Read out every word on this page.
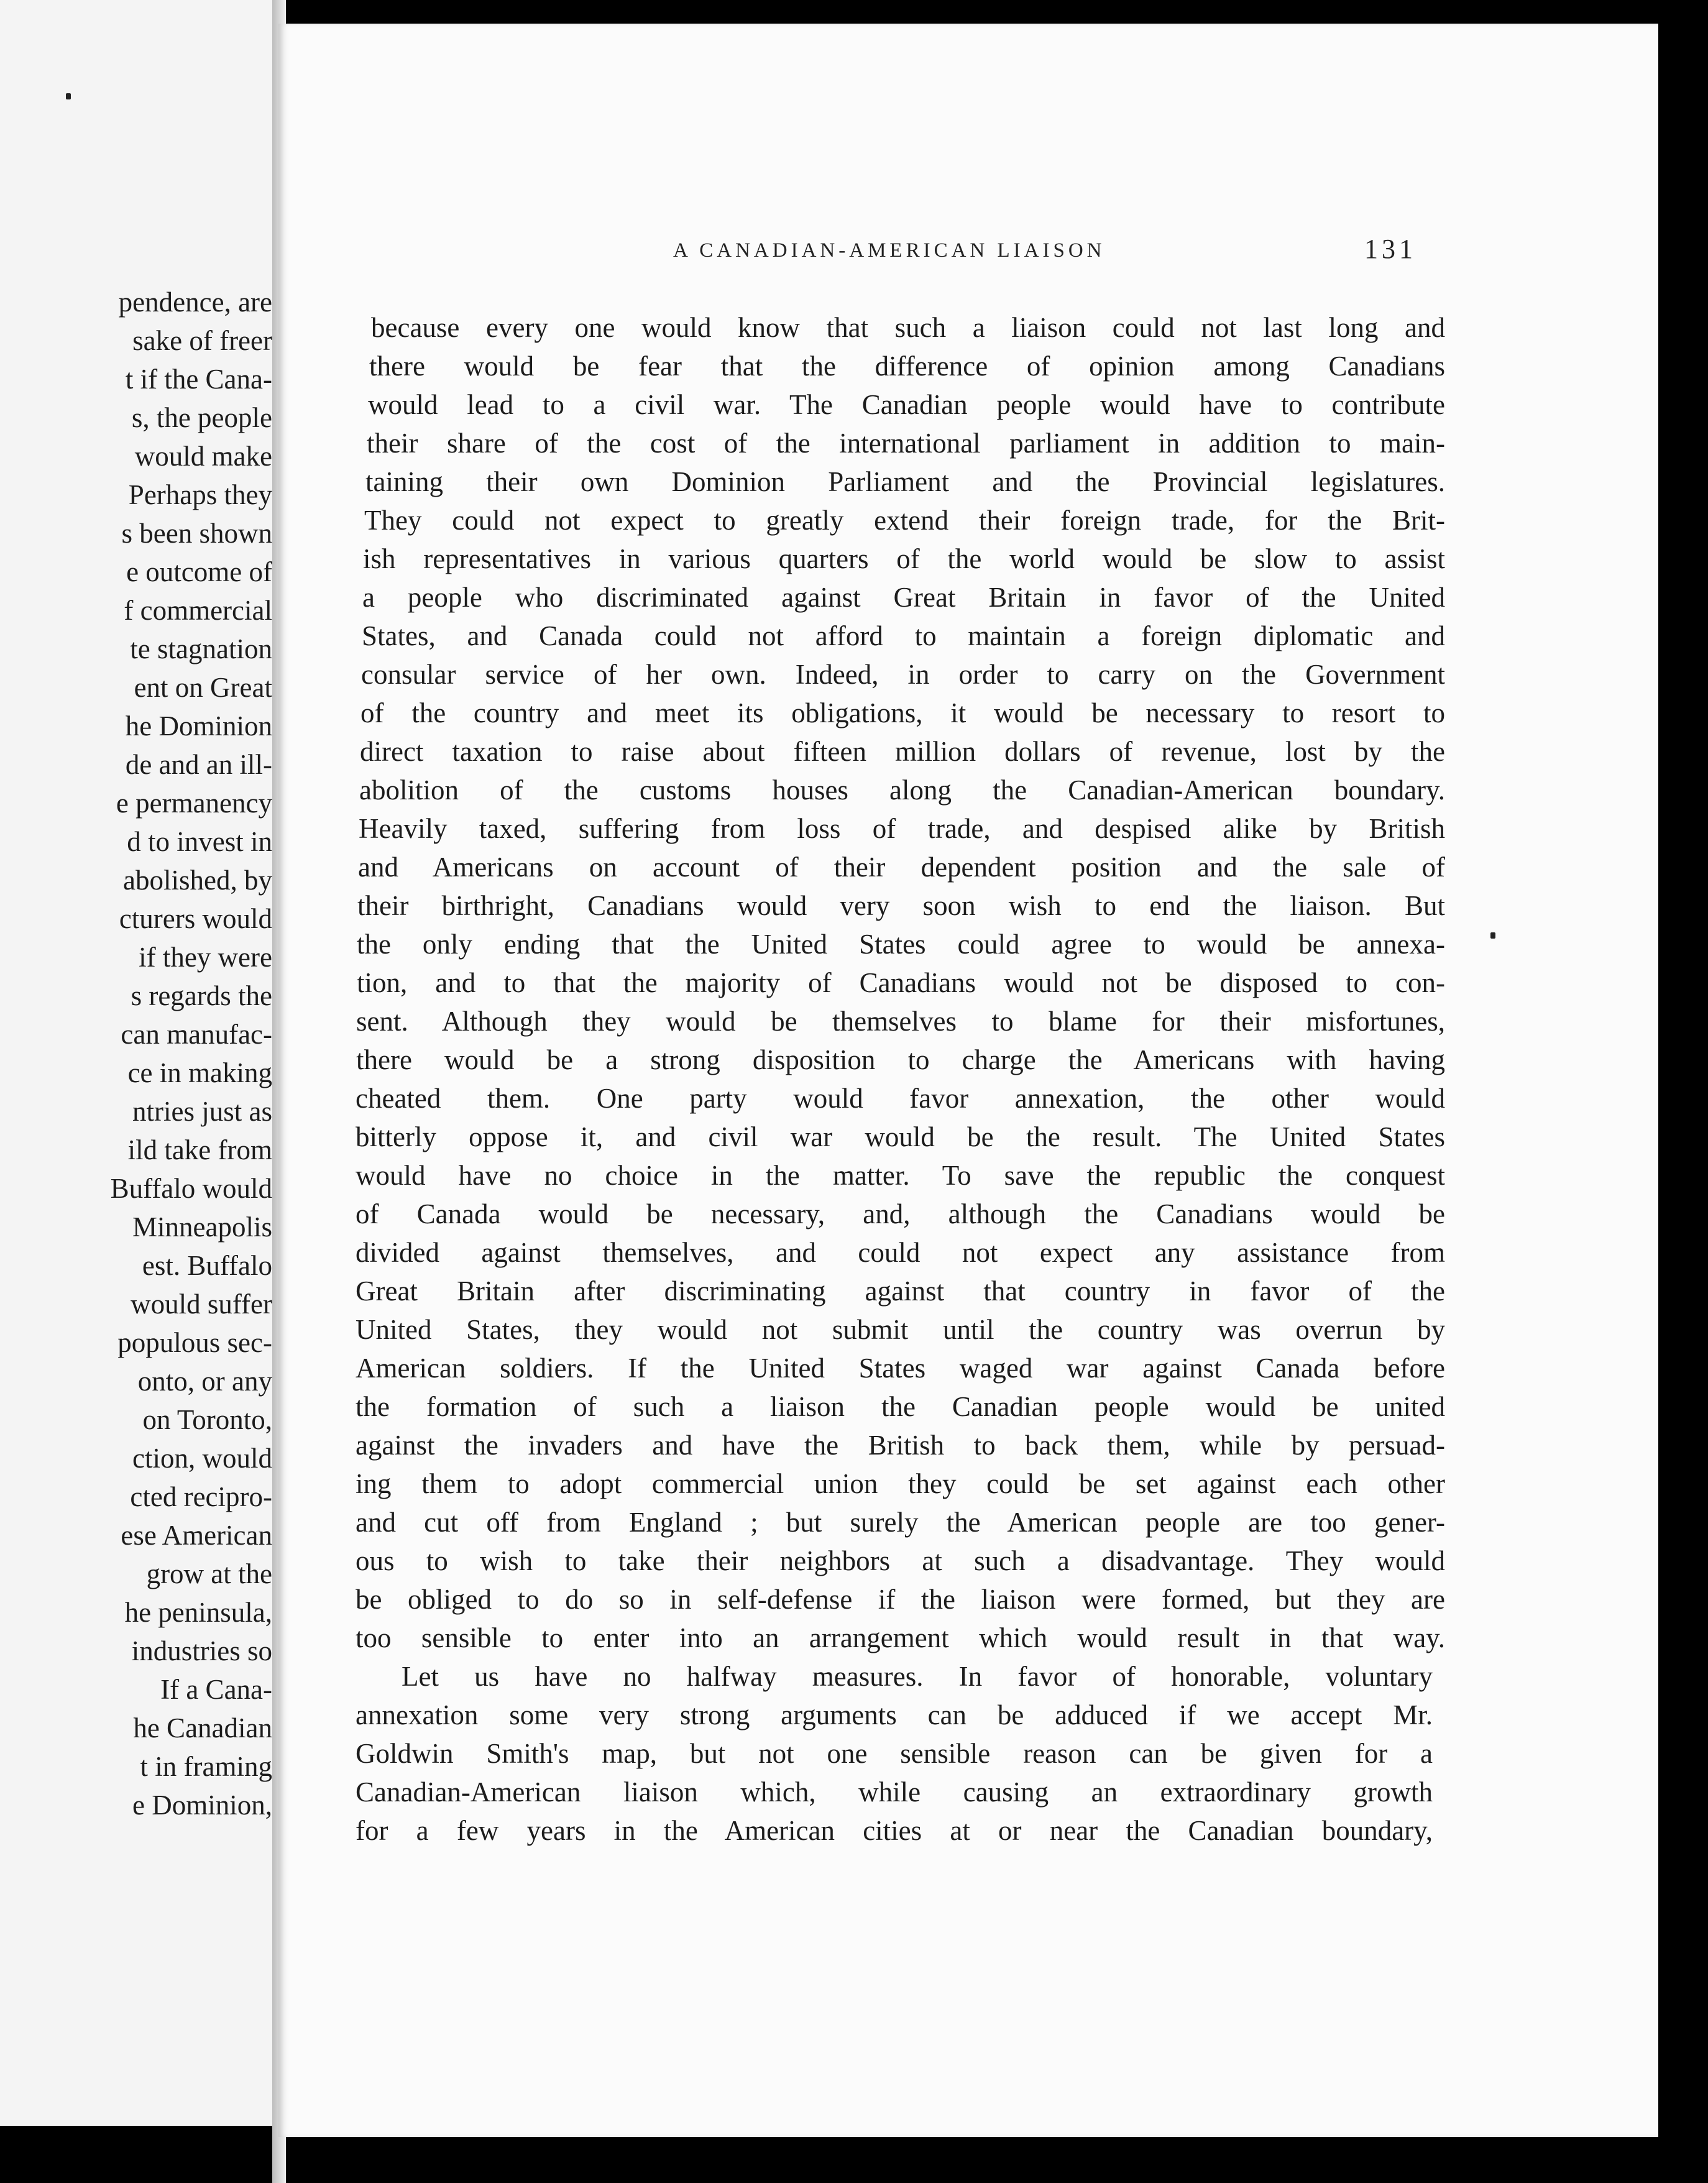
pendence, are

sake of freer

t if the Cana-

s, the people

would make

Perhaps they

s been shown

e outcome of

f commercial

te stagnation

ent on Great

he Dominion

de and an ill-

e permanency

d to invest in

abolished, by

cturers would

if they were

s regards the

can manufac-

ce in making

ntries just as

ild take from

Buffalo would

Minneapolis

est. Buffalo

would suffer

populous sec-

onto, or any

on Toronto,

ction, would

cted recipro-

ese American

grow at the

he peninsula,

industries so

If a Cana-

he Canadian

t in framing

e Dominion,

A CANADIAN-AMERICAN LIAISON	131

because every one would know that such a liaison could not last long and

there would be fear that the difference of opinion among Canadians

would lead to a civil war. The Canadian people would have to contribute

their share of the cost of the international parliament in addition to main-

taining their own Dominion Parliament and the Provincial legislatures.

They could not expect to greatly extend their foreign trade, for the Brit-

ish representatives in various quarters of the world would be slow to assist

a people who discriminated against Great Britain in favor of the United

States, and Canada could not afford to maintain a foreign diplomatic and

consular service of her own. Indeed, in order to carry on the Government

of the country and meet its obligations, it would be necessary to resort to

direct taxation to raise about fifteen million dollars of revenue, lost by the

abolition of the customs houses along the Canadian-American boundary.

Heavily taxed, suffering from loss of trade, and despised alike by British

and Americans on account of their dependent position and the sale of

their birthright, Canadians would very soon wish to end the liaison. But

the only ending that the United States could agree to would be annexa-

tion, and to that the majority of Canadians would not be disposed to con-

sent. Although they would be themselves to blame for their misfortunes,

there would be a strong disposition to charge the Americans with having

cheated them. One party would favor annexation, the other would

bitterly oppose it, and civil war would be the result. The United States

would have no choice in the matter. To save the republic the conquest

of Canada would be necessary, and, although the Canadians would be

divided against themselves, and could not expect any assistance from

Great Britain after discriminating against that country in favor of the

United States, they would not submit until the country was overrun by

American soldiers. If the United States waged war against Canada before

the formation of such a liaison the Canadian people would be united

against the invaders and have the British to back them, while by persuad-

ing them to adopt commercial union they could be set against each other

and cut off from England ; but surely the American people are too gener-

ous to wish to take their neighbors at such a disadvantage. They would

be obliged to do so in self-defense if the liaison were formed, but they are

too sensible to enter into an arrangement which would result in that way.

Let us have no halfway measures. In favor of honorable, voluntary

annexation some very strong arguments can be adduced if we accept Mr.

Goldwin Smith's map, but not one sensible reason can be given for a

Canadian-American liaison which, while causing an extraordinary growth

for a few years in the American cities at or near the Canadian boundary,
